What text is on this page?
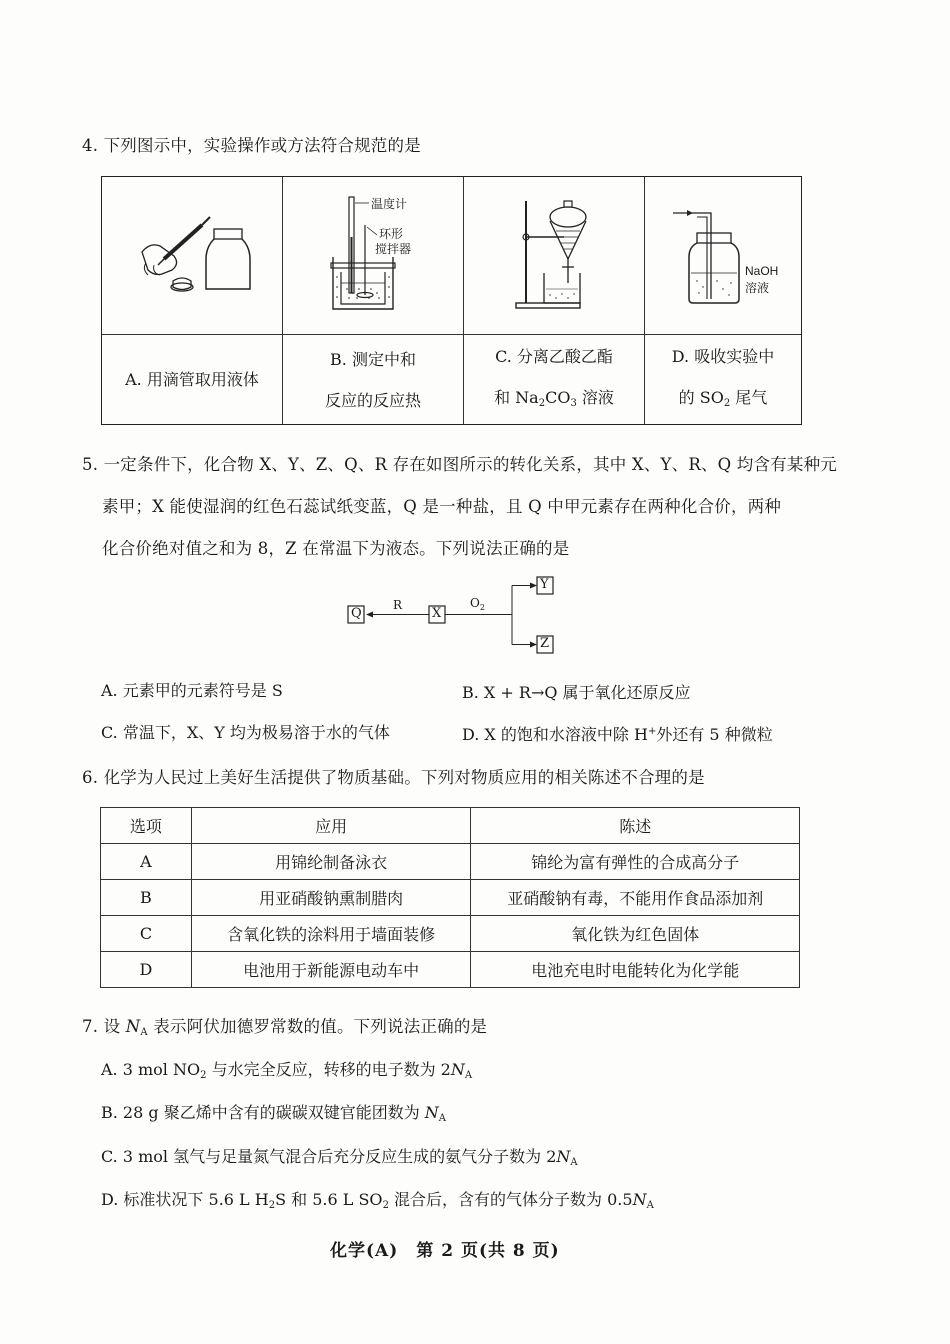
4. 下列图示中，实验操作或方法符合规范的是
温度计
环形
搅拌器
NaOH
溶液
A. 用滴管取用液体
B. 测定中和
反应的反应热
C. 分离乙酸乙酯
和 $Na_2CO_3$ 溶液
D. 吸收实验中
的 $SO_2$ 尾气
5. 一定条件下，化合物 X、Y、Z、Q、R 存在如图所示的转化关系，其中 X、Y、R、Q 均含有某种元
素甲；X 能使湿润的红色石蕊试纸变蓝，Q 是一种盐，且 Q 中甲元素存在两种化合价，两种
化合价绝对值之和为 8，Z 在常温下为液态。下列说法正确的是
Q
R
X
$O_2$
Y
Z
A. 元素甲的元素符号是 S	B. X + R→Q 属于氧化还原反应
C. 常温下，X、Y 均为极易溶于水的气体	D. X 的饱和水溶液中除 H+外还有 5 种微粒
6. 化学为人民过上美好生活提供了物质基础。下列对物质应用的相关陈述不合理的是
选项	应用	陈述
A	用锦纶制备泳衣	锦纶为富有弹性的合成高分子
B	用亚硝酸钠熏制腊肉	亚硝酸钠有毒，不能用作食品添加剂
C	含氧化铁的涂料用于墙面装修	氧化铁为红色固体
D	电池用于新能源电动车中	电池充电时电能转化为化学能
7. 设 $N_A$ 表示阿伏加德罗常数的值。下列说法正确的是
A. 3 mol $NO_2$ 与水完全反应，转移的电子数为 $2N_A$
B. 28 g 聚乙烯中含有的碳碳双键官能团数为 $N_A$
C. 3 mol 氢气与足量氮气混合后充分反应生成的氨气分子数为 $2N_A$
D. 标准状况下 5.6 L $H_2S$ 和 5.6 L $SO_2$ 混合后，含有的气体分子数为 $0.5N_A$
化学(A)　第 2 页(共 8 页)
